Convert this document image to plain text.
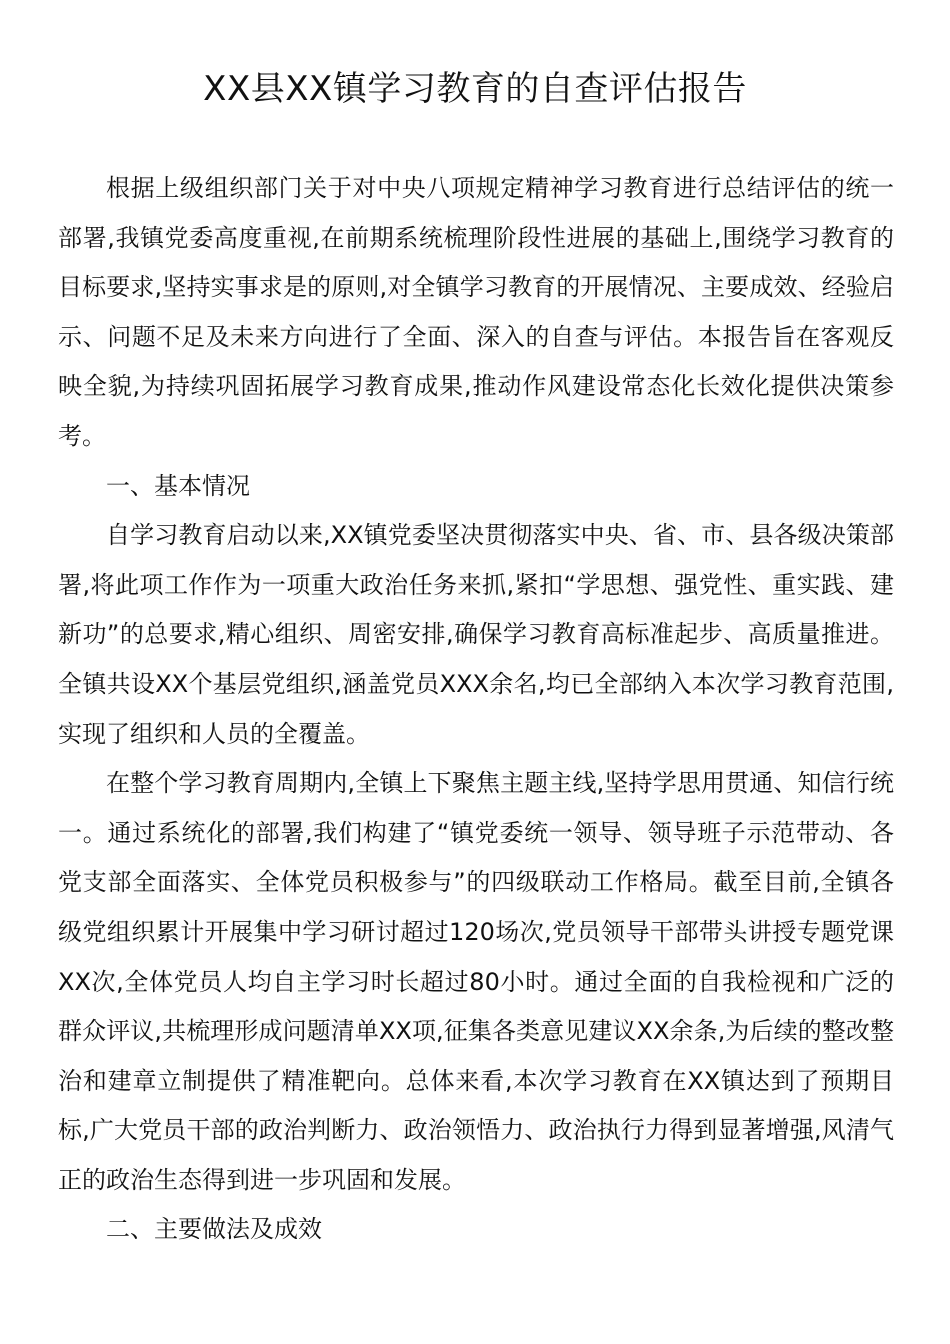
XX县XX镇学习教育的自查评估报告

根据上级组织部门关于对中央八项规定精神学习教育进行总结评估的统一部署,我镇党委高度重视,在前期系统梳理阶段性进展的基础上,围绕学习教育的目标要求,坚持实事求是的原则,对全镇学习教育的开展情况、主要成效、经验启示、问题不足及未来方向进行了全面、深入的自查与评估。本报告旨在客观反映全貌,为持续巩固拓展学习教育成果,推动作风建设常态化长效化提供决策参考。

一、基本情况

自学习教育启动以来,XX镇党委坚决贯彻落实中央、省、市、县各级决策部署,将此项工作作为一项重大政治任务来抓,紧扣“学思想、强党性、重实践、建新功”的总要求,精心组织、周密安排,确保学习教育高标准起步、高质量推进。全镇共设XX个基层党组织,涵盖党员XXX余名,均已全部纳入本次学习教育范围,实现了组织和人员的全覆盖。

在整个学习教育周期内,全镇上下聚焦主题主线,坚持学思用贯通、知信行统一。通过系统化的部署,我们构建了“镇党委统一领导、领导班子示范带动、各党支部全面落实、全体党员积极参与”的四级联动工作格局。截至目前,全镇各级党组织累计开展集中学习研讨超过120场次,党员领导干部带头讲授专题党课XX次,全体党员人均自主学习时长超过80小时。通过全面的自我检视和广泛的群众评议,共梳理形成问题清单XX项,征集各类意见建议XX余条,为后续的整改整治和建章立制提供了精准靶向。总体来看,本次学习教育在XX镇达到了预期目标,广大党员干部的政治判断力、政治领悟力、政治执行力得到显著增强,风清气正的政治生态得到进一步巩固和发展。

二、主要做法及成效
